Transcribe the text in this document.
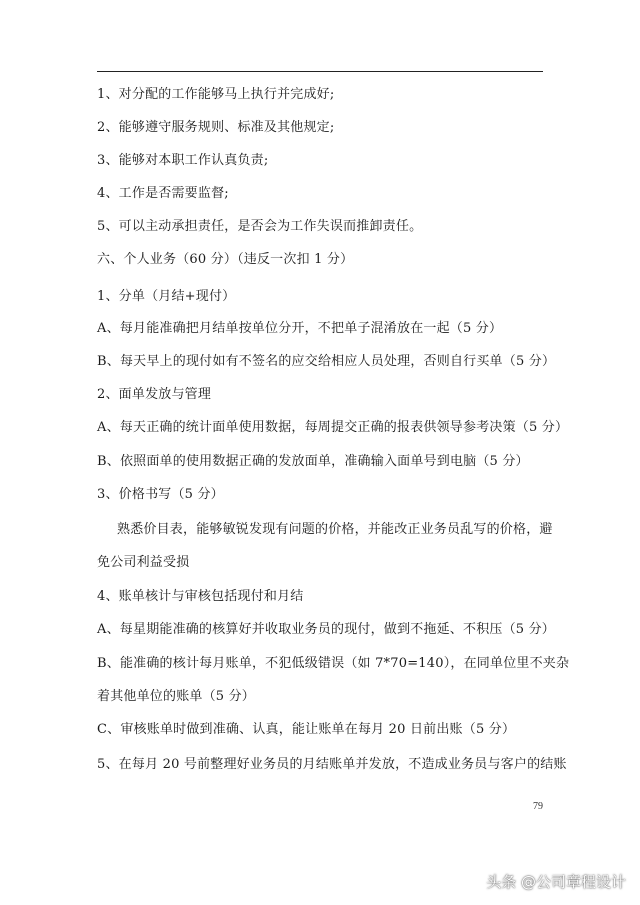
1、对分配的工作能够马上执行并完成好;
2、能够遵守服务规则、标准及其他规定;
3、能够对本职工作认真负责;
4、工作是否需要监督;
5、可以主动承担责任，是否会为工作失误而推卸责任。
六、个人业务（60 分）（违反一次扣 1 分）
1、分单（月结+现付）
A、每月能准确把月结单按单位分开，不把单子混淆放在一起（5 分）
B、每天早上的现付如有不签名的应交给相应人员处理，否则自行买单（5 分）
2、面单发放与管理
A、每天正确的统计面单使用数据，每周提交正确的报表供领导参考决策（5 分）
B、依照面单的使用数据正确的发放面单，准确输入面单号到电脑（5 分）
3、价格书写（5 分）
熟悉价目表，能够敏锐发现有问题的价格，并能改正业务员乱写的价格，避
免公司利益受损
4、账单核计与审核包括现付和月结
A、每星期能准确的核算好并收取业务员的现付，做到不拖延、不积压（5 分）
B、能准确的核计每月账单，不犯低级错误（如 7*70=140），在同单位里不夹杂
着其他单位的账单（5 分）
C、审核账单时做到准确、认真，能让账单在每月 20 日前出账（5 分）
5、在每月 20 号前整理好业务员的月结账单并发放，不造成业务员与客户的结账
79
头条 @公司章程设计
